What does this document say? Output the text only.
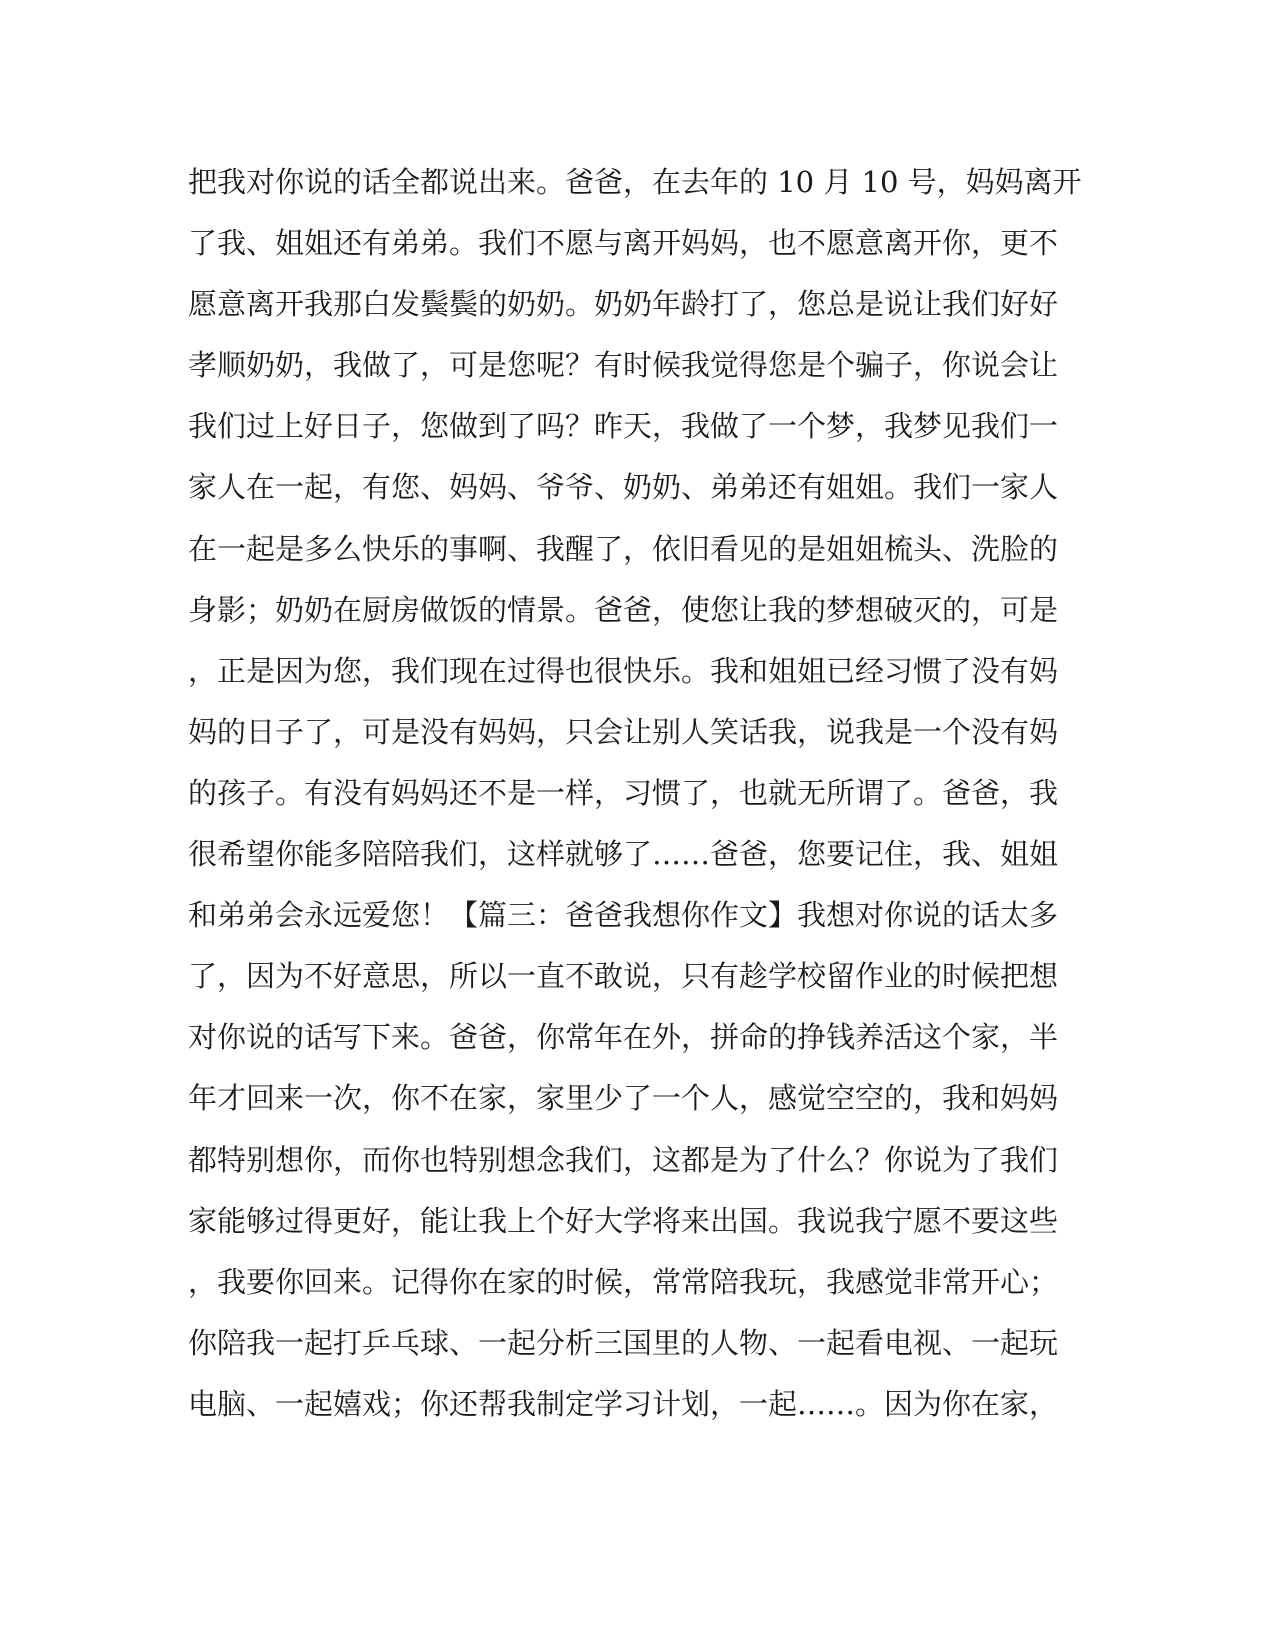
把我对你说的话全都说出来。爸爸，在去年的 10 月 10 号，妈妈离开
了我、姐姐还有弟弟。我们不愿与离开妈妈，也不愿意离开你，更不
愿意离开我那白发鬓鬓的奶奶。奶奶年龄打了，您总是说让我们好好
孝顺奶奶，我做了，可是您呢？有时候我觉得您是个骗子，你说会让
我们过上好日子，您做到了吗？昨天，我做了一个梦，我梦见我们一
家人在一起，有您、妈妈、爷爷、奶奶、弟弟还有姐姐。我们一家人
在一起是多么快乐的事啊、我醒了，依旧看见的是姐姐梳头、洗脸的
身影；奶奶在厨房做饭的情景。爸爸，使您让我的梦想破灭的，可是
，正是因为您，我们现在过得也很快乐。我和姐姐已经习惯了没有妈
妈的日子了，可是没有妈妈，只会让别人笑话我，说我是一个没有妈
的孩子。有没有妈妈还不是一样，习惯了，也就无所谓了。爸爸，我
很希望你能多陪陪我们，这样就够了……爸爸，您要记住，我、姐姐
和弟弟会永远爱您！【篇三：爸爸我想你作文】我想对你说的话太多
了，因为不好意思，所以一直不敢说，只有趁学校留作业的时候把想
对你说的话写下来。爸爸，你常年在外，拼命的挣钱养活这个家，半
年才回来一次，你不在家，家里少了一个人，感觉空空的，我和妈妈
都特别想你，而你也特别想念我们，这都是为了什么？你说为了我们
家能够过得更好，能让我上个好大学将来出国。我说我宁愿不要这些
，我要你回来。记得你在家的时候，常常陪我玩，我感觉非常开心；
你陪我一起打乒乓球、一起分析三国里的人物、一起看电视、一起玩
电脑、一起嬉戏；你还帮我制定学习计划，一起……。因为你在家，
